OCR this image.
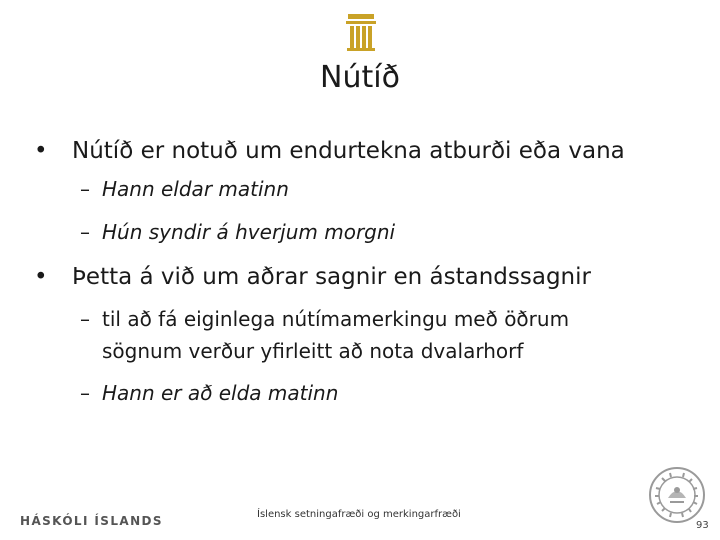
Nútíð
• Nútíð er notuð um endurtekna atburði eða vana
– Hann eldar matinn
– Hún syndir á hverjum morgni
• Þetta á við um aðrar sagnir en ástandssagnir
– til að fá eiginlega nútímamerkingu með öðrum
sögnum verður yfirleitt að nota dvalarhorf
– Hann er að elda matinn
HÁSKÓLI ÍSLANDS	Íslensk setningafræði og merkingarfræði
93
